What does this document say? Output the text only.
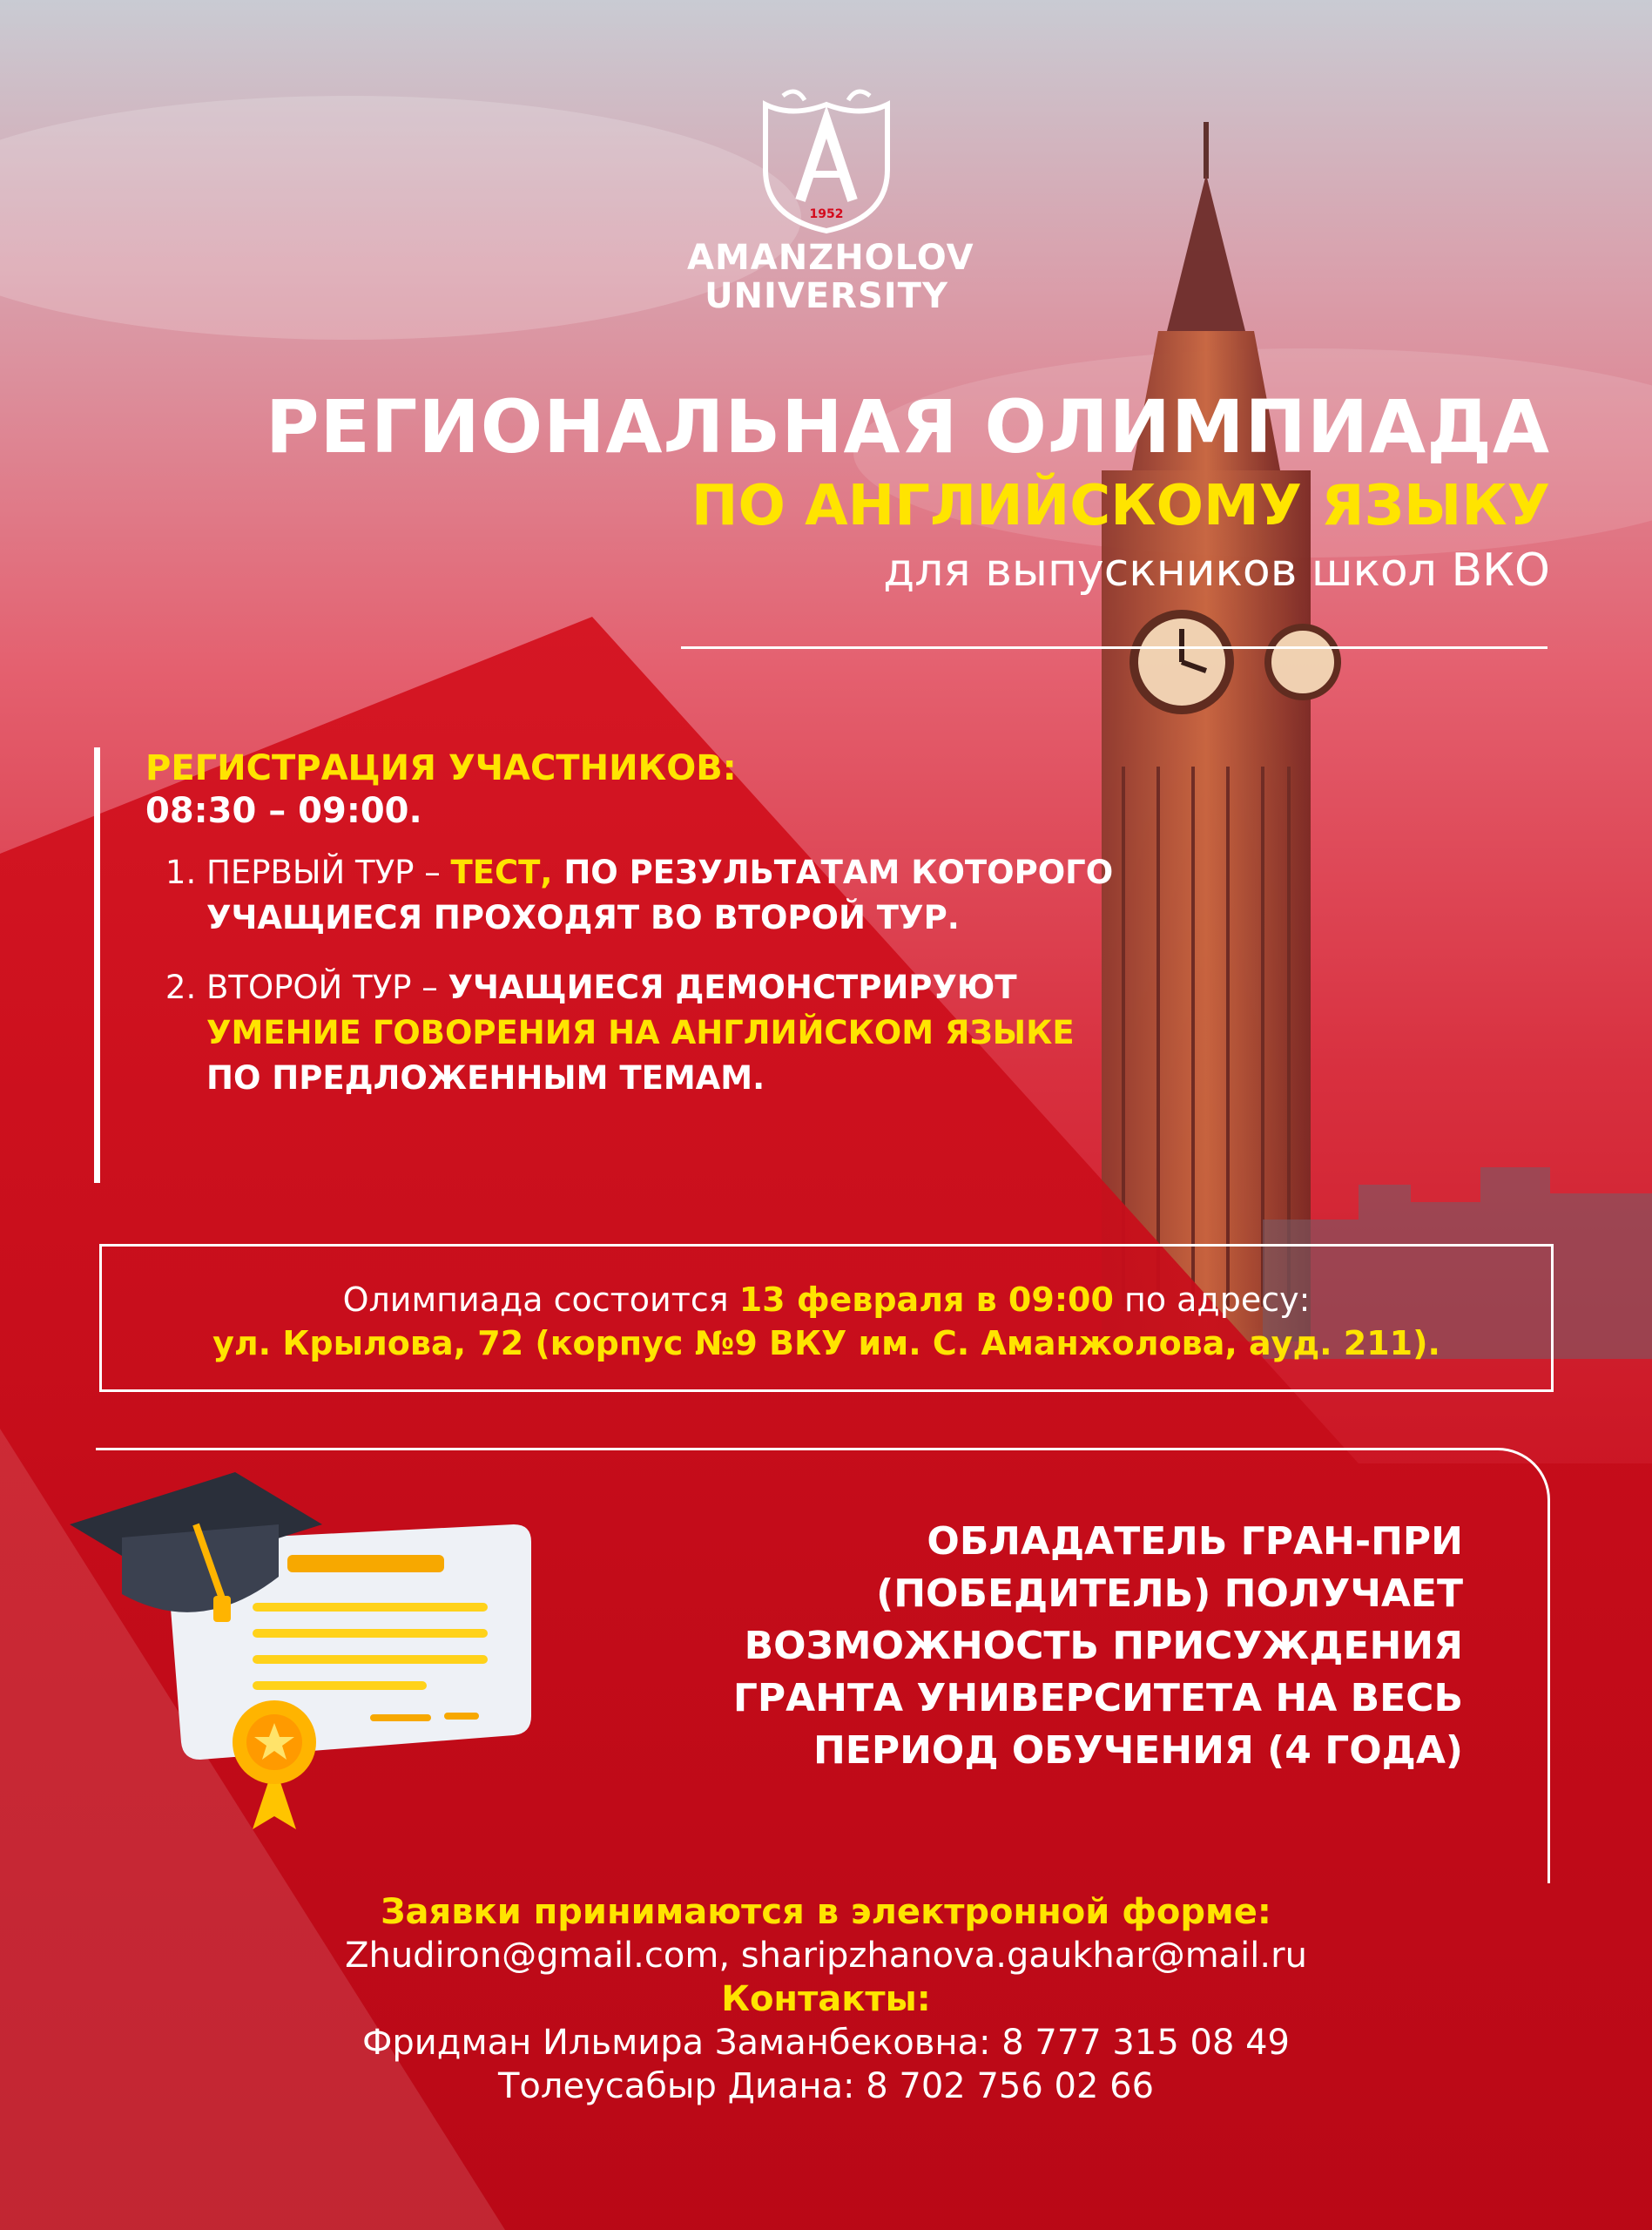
1952
AMANZHOLOV
UNIVERSITY
РЕГИОНАЛЬНАЯ ОЛИМПИАДА
ПО АНГЛИЙСКОМУ ЯЗЫКУ
для выпускников школ ВКО
РЕГИСТРАЦИЯ УЧАСТНИКОВ:
08:30 – 09:00.
1. ПЕРВЫЙ ТУР – ТЕСТ, ПО РЕЗУЛЬТАТАМ КОТОРОГО УЧАЩИЕСЯ ПРОХОДЯТ ВО ВТОРОЙ ТУР.
2. ВТОРОЙ ТУР – УЧАЩИЕСЯ ДЕМОНСТРИРУЮТ
УМЕНИЕ ГОВОРЕНИЯ НА АНГЛИЙСКОМ ЯЗЫКЕ
ПО ПРЕДЛОЖЕННЫМ ТЕМАМ.
Олимпиада состоится 13 февраля в 09:00 по адресу:
ул. Крылова, 72 (корпус №9 ВКУ им. С. Аманжолова, ауд. 211).
ОБЛАДАТЕЛЬ ГРАН-ПРИ
(ПОБЕДИТЕЛЬ) ПОЛУЧАЕТ
ВОЗМОЖНОСТЬ ПРИСУЖДЕНИЯ
ГРАНТА УНИВЕРСИТЕТА НА ВЕСЬ
ПЕРИОД ОБУЧЕНИЯ (4 ГОДА)
Заявки принимаются в электронной форме:
Zhudiron@gmail.com, sharipzhanova.gaukhar@mail.ru
Контакты:
Фридман Ильмира Заманбековна: 8 777 315 08 49
Толеусабыр Диана: 8 702 756 02 66
